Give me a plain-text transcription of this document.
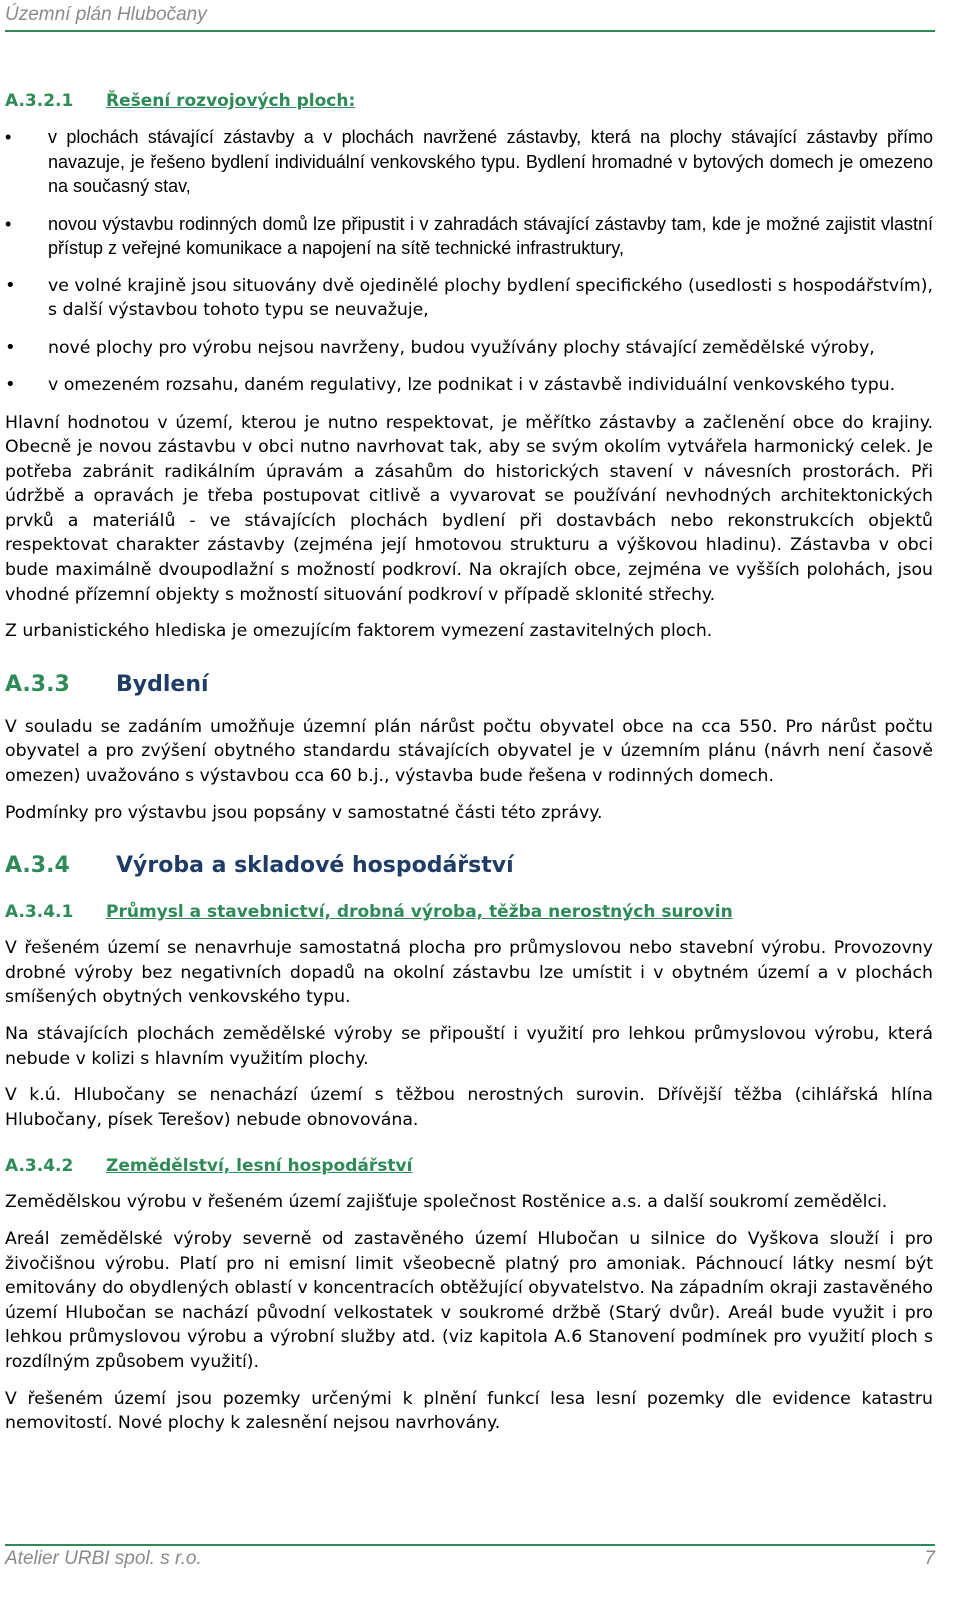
Územní plán Hlubočany
A.3.2.1	Řešení rozvojových ploch:
• v plochách stávající zástavby a v plochách navržené zástavby, která na plochy stávající zástavby přímo navazuje, je řešeno bydlení individuální venkovského typu. Bydlení hromadné v bytových domech je omezeno na současný stav,
• novou výstavbu rodinných domů lze připustit i v zahradách stávající zástavby tam, kde je možné zajistit vlastní přístup z veřejné komunikace a napojení na sítě technické infrastruktury,
• ve volné krajině jsou situovány dvě ojedinělé plochy bydlení specifického (usedlosti s hospodářstvím), s další výstavbou tohoto typu se neuvažuje,
• nové plochy pro výrobu nejsou navrženy, budou využívány plochy stávající zemědělské výroby,
• v omezeném rozsahu, daném regulativy, lze podnikat i v zástavbě individuální venkovského typu.

Hlavní hodnotou v území, kterou je nutno respektovat, je měřítko zástavby a začlenění obce do krajiny. Obecně je novou zástavbu v obci nutno navrhovat tak, aby se svým okolím vytvářela harmonický celek. Je potřeba zabránit radikálním úpravám a zásahům do historických stavení v návesních prostorách. Při údržbě a opravách je třeba postupovat citlivě a vyvarovat se používání nevhodných architektonických prvků a materiálů - ve stávajících plochách bydlení při dostavbách nebo rekonstrukcích objektů respektovat charakter zástavby (zejména její hmotovou strukturu a výškovou hladinu). Zástavba v obci bude maximálně dvoupodlažní s možností podkroví. Na okrajích obce, zejména ve vyšších polohách, jsou vhodné přízemní objekty s možností situování podkroví v případě sklonité střechy.

Z urbanistického hlediska je omezujícím faktorem vymezení zastavitelných ploch.

A.3.3	Bydlení

V souladu se zadáním umožňuje územní plán nárůst počtu obyvatel obce na cca 550. Pro nárůst počtu obyvatel a pro zvýšení obytného standardu stávajících obyvatel je v územním plánu (návrh není časově omezen) uvažováno s výstavbou cca 60 b.j., výstavba bude řešena v rodinných domech.

Podmínky pro výstavbu jsou popsány v samostatné části této zprávy.

A.3.4	Výroba a skladové hospodářství
A.3.4.1	Průmysl a stavebnictví, drobná výroba, těžba nerostných surovin

V řešeném území se nenavrhuje samostatná plocha pro průmyslovou nebo stavební výrobu. Provozovny drobné výroby bez negativních dopadů na okolní zástavbu lze umístit i v obytném území a v plochách smíšených obytných venkovského typu.

Na stávajících plochách zemědělské výroby se připouští i využití pro lehkou průmyslovou výrobu, která nebude v kolizi s hlavním využitím plochy.

V k.ú. Hlubočany se nenachází území s těžbou nerostných surovin. Dřívější těžba (cihlářská hlína Hlubočany, písek Terešov) nebude obnovována.

A.3.4.2	Zemědělství, lesní hospodářství

Zemědělskou výrobu v řešeném území zajišťuje společnost Rostěnice a.s. a další soukromí zemědělci.

Areál zemědělské výroby severně od zastavěného území Hlubočan u silnice do Vyškova slouží i pro živočišnou výrobu. Platí pro ni emisní limit všeobecně platný pro amoniak. Páchnoucí látky nesmí být emitovány do obydlených oblastí v koncentracích obtěžující obyvatelstvo. Na západním okraji zastavěného území Hlubočan se nachází původní velkostatek v soukromé držbě (Starý dvůr). Areál bude využit i pro lehkou průmyslovou výrobu a výrobní služby atd. (viz kapitola A.6 Stanovení podmínek pro využití ploch s rozdílným způsobem využití).

V řešeném území jsou pozemky určenými k plnění funkcí lesa lesní pozemky dle evidence katastru nemovitostí. Nové plochy k zalesnění nejsou navrhovány.

Atelier URBI spol. s r.o.	7
